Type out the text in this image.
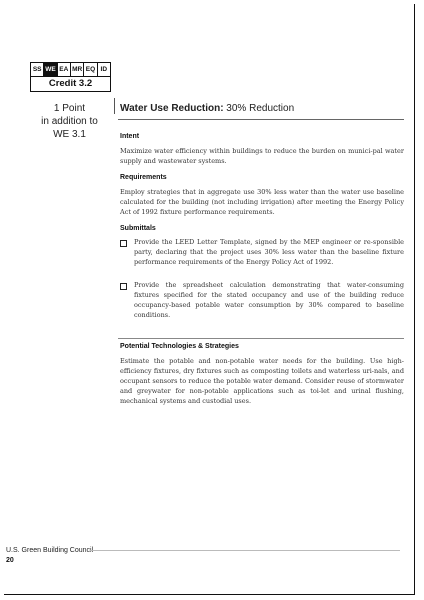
SS WE EA MR EQ ID
Credit 3.2
1 Point
in addition to
WE 3.1
Water Use Reduction: 30% Reduction
Intent
Maximize water efficiency within buildings to reduce the burden on munici-pal water supply and wastewater systems.
Requirements
Employ strategies that in aggregate use 30% less water than the water use baseline calculated for the building (not including irrigation) after meeting the Energy Policy Act of 1992 fixture performance requirements.
Submittals
Provide the LEED Letter Template, signed by the MEP engineer or re-sponsible party, declaring that the project uses 30% less water than the baseline fixture performance requirements of the Energy Policy Act of 1992.
Provide the spreadsheet calculation demonstrating that water-consuming fixtures specified for the stated occupancy and use of the building reduce occupancy-based potable water consumption by 30% compared to baseline conditions.
Potential Technologies & Strategies
Estimate the potable and non-potable water needs for the building. Use high-efficiency fixtures, dry fixtures such as composting toilets and waterless uri-nals, and occupant sensors to reduce the potable water demand. Consider reuse of stormwater and greywater for non-potable applications such as toi-let and urinal flushing, mechanical systems and custodial uses.
U.S. Green Building Council
20
